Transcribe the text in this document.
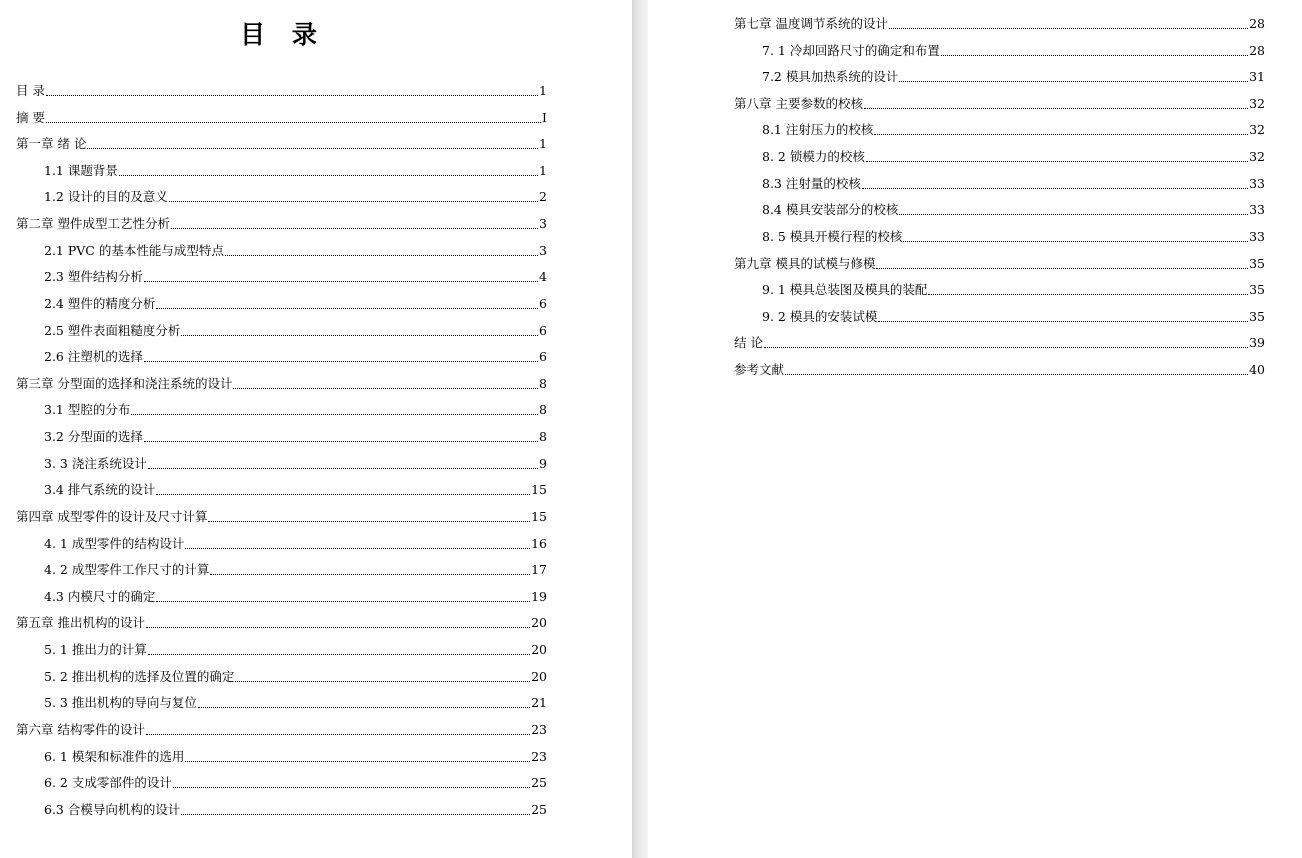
目 录
目 录	1
摘 要	I
第一章 绪 论	1
1.1 课题背景	1
1.2 设计的目的及意义	2
第二章 塑件成型工艺性分析	3
2.1 PVC 的基本性能与成型特点	3
2.3 塑件结构分析	4
2.4 塑件的精度分析	6
2.5 塑件表面粗糙度分析	6
2.6 注塑机的选择	6
第三章 分型面的选择和浇注系统的设计	8
3.1 型腔的分布	8
3.2 分型面的选择	8
3. 3 浇注系统设计	9
3.4 排气系统的设计	15
第四章 成型零件的设计及尺寸计算	15
4. 1 成型零件的结构设计	16
4. 2 成型零件工作尺寸的计算	17
4.3 内模尺寸的确定	19
第五章 推出机构的设计	20
5. 1 推出力的计算	20
5. 2 推出机构的选择及位置的确定	20
5. 3 推出机构的导向与复位	21
第六章 结构零件的设计	23
6. 1 模架和标准件的选用	23
6. 2 支成零部件的设计	25
6.3 合模导向机构的设计	25
第七章 温度调节系统的设计	28
7. 1 冷却回路尺寸的确定和布置	28
7.2 模具加热系统的设计	31
第八章 主要参数的校核	32
8.1 注射压力的校核	32
8. 2 锁模力的校核	32
8.3 注射量的校核	33
8.4 模具安装部分的校核	33
8. 5 模具开模行程的校核	33
第九章 模具的试模与修模	35
9. 1 模具总装图及模具的装配	35
9. 2 模具的安装试模	35
结 论	39
参考文献	40
